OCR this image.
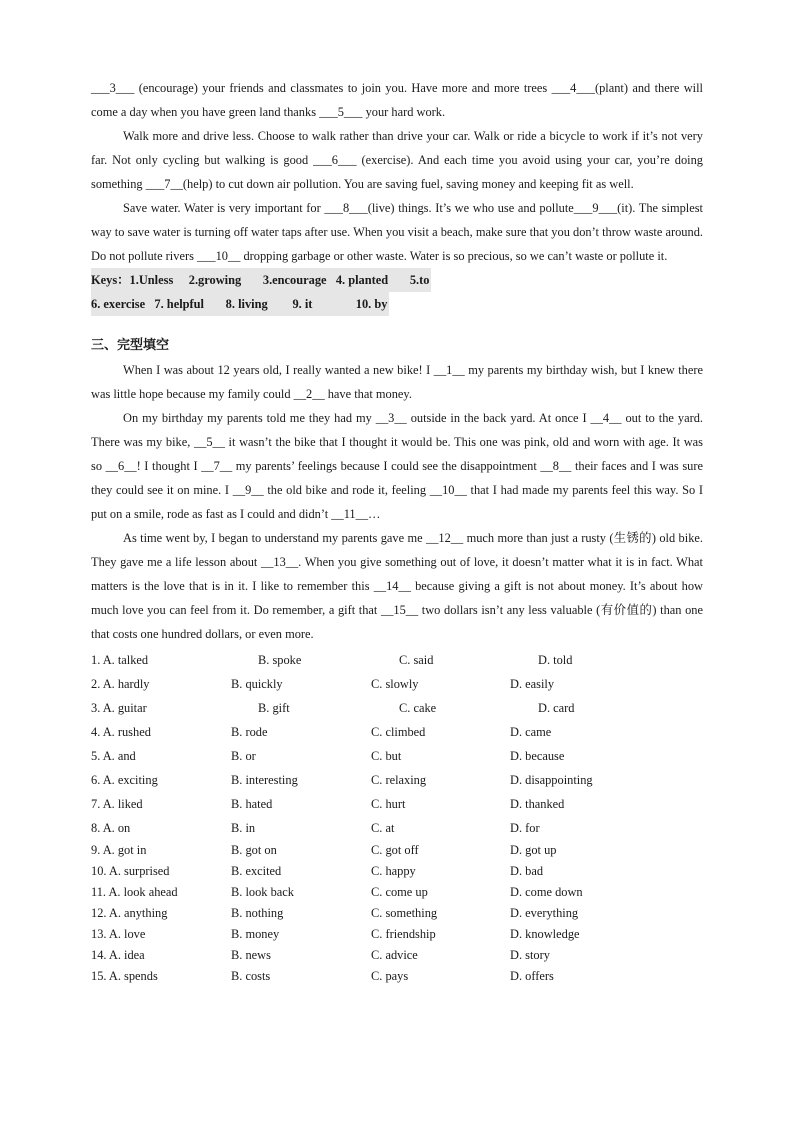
___3___ (encourage) your friends and classmates to join you. Have more and more trees ___4___(plant) and there will come a day when you have green land thanks ___5___ your hard work.

Walk more and drive less. Choose to walk rather than drive your car. Walk or ride a bicycle to work if it’s not very far. Not only cycling but walking is good ___6___ (exercise). And each time you avoid using your car, you’re doing something ___7__(help) to cut down air pollution. You are saving fuel, saving money and keeping fit as well.

Save water. Water is very important for ___8___(live) things. It’s we who use and pollute___9___(it). The simplest way to save water is turning off water taps after use. When you visit a beach, make sure that you don’t throw waste around. Do not pollute rivers ___10__ dropping garbage or other waste. Water is so precious, so we can’t waste or pollute it.

Keys：1.Unless     2.growing       3.encourage   4. planted       5.to

6. exercise   7. helpful       8. living        9. it              10. by

三、完型填空

When I was about 12 years old, I really wanted a new bike! I __1__ my parents my birthday wish, but I knew there was little hope because my family could __2__ have that money.

On my birthday my parents told me they had my __3__ outside in the back yard. At once I __4__ out to the yard. There was my bike, __5__ it wasn’t the bike that I thought it would be. This one was pink, old and worn with age. It was so __6__! I thought I __7__ my parents’ feelings because I could see the disappointment __8__ their faces and I was sure they could see it on mine. I __9__ the old bike and rode it, feeling __10__ that I had made my parents feel this way. So I put on a smile, rode as fast as I could and didn’t __11__…

As time went by, I began to understand my parents gave me __12__ much more than just a rusty (生锈的) old bike. They gave me a life lesson about __13__. When you give something out of love, it doesn’t matter what it is in fact. What matters is the love that is in it. I like to remember this __14__ because giving a gift is not about money. It’s about how much love you can feel from it. Do remember, a gift that __15__ two dollars isn’t any less valuable (有价值的) than one that costs one hundred dollars, or even more.

1. A. talked	B. spoke	C. said	D. told
2. A. hardly	B. quickly	C. slowly	D. easily
3. A. guitar	B. gift	C. cake	D. card
4. A. rushed	B. rode	C. climbed	D. came
5. A. and	B. or	C. but	D. because
6. A. exciting	B. interesting	C. relaxing	D. disappointing
7. A. liked	B. hated	C. hurt	D. thanked
8. A. on	B. in	C. at	D. for
9. A. got in	B. got on	C. got off	D. got up
10. A. surprised	B. excited	C. happy	D. bad
11. A. look ahead	B. look back	C. come up	D. come down
12. A. anything	B. nothing	C. something	D. everything
13. A. love	B. money	C. friendship	D. knowledge
14. A. idea	B. news	C. advice	D. story
15. A. spends	B. costs	C. pays	D. offers
